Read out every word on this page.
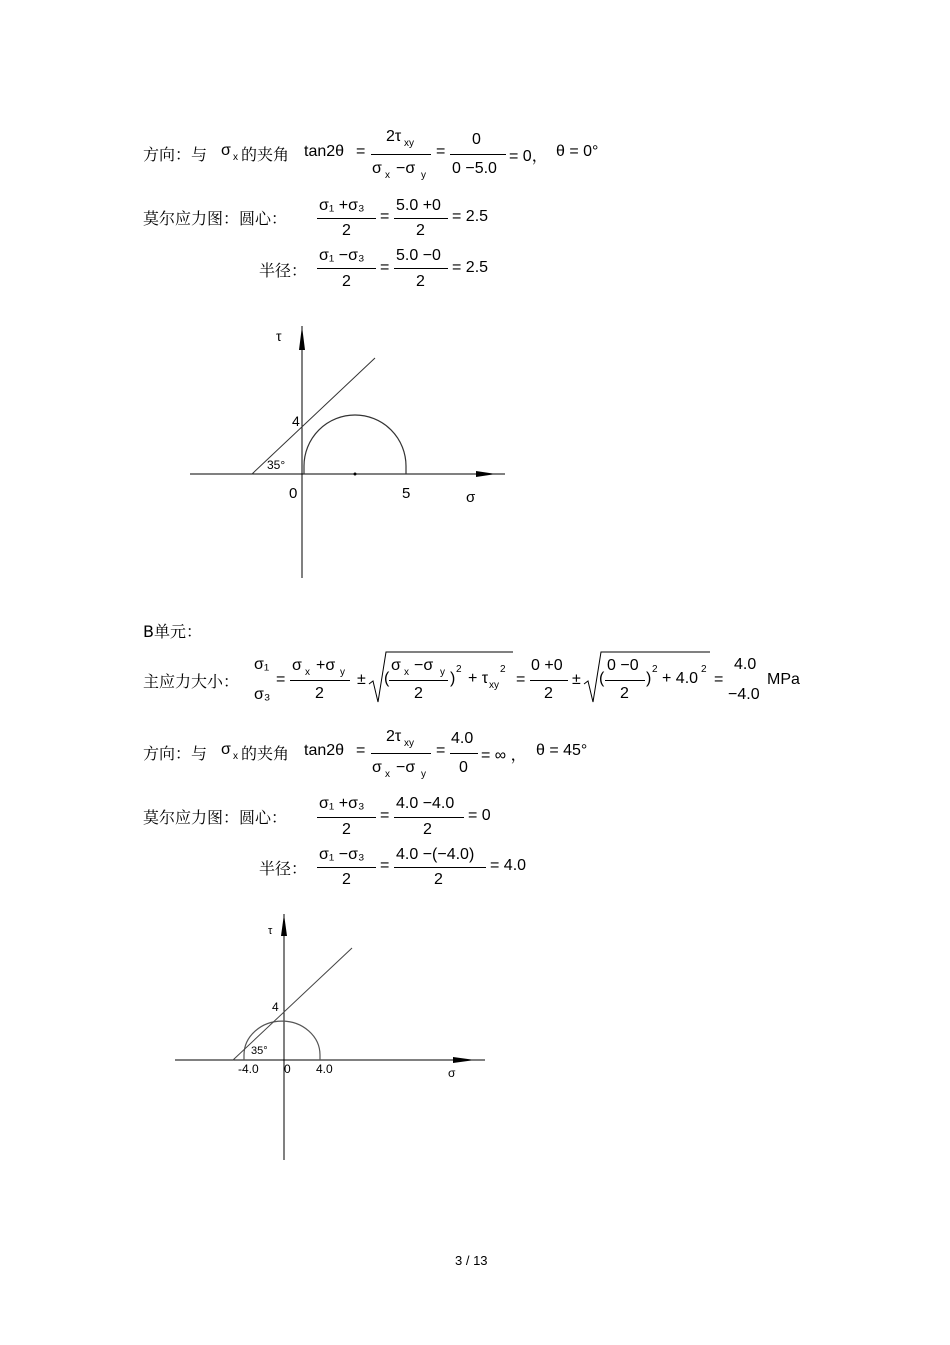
方向：与 σ x 的夹角 tan2θ =
2τ xy
σ x −σ y
=
0
0 −5.0
= 0， θ = 0°
莫尔应力图：圆心：
σ₁ +σ₃
2
=
5.0 +0
2
= 2.5
半径：
σ₁ −σ₃
2
=
5.0 −0
2
= 2.5
τ
4
35°
0	5	σ
B单元：
主应力大小：
σ₁
σ₃
=
σ x +σ y
2
± (
σ x −σ y
2
)
2
+ τ xy
2
=
0 +0
2
± (
0 −0
2
)
2
+ 4.0
2
=
4.0
−4.0
MPa
方向：与 σ x 的夹角 tan2θ =
2τ xy
σ x −σ y
=
4.0
0
= ∞ ， θ = 45°
莫尔应力图：圆心：
σ₁ +σ₃
2
=
4.0 −4.0
2
= 0
半径：
σ₁ −σ₃
2
=
4.0 −(−4.0)
2
= 4.0
τ
4
35°
-4.0 0 4.0	σ
3 / 13
